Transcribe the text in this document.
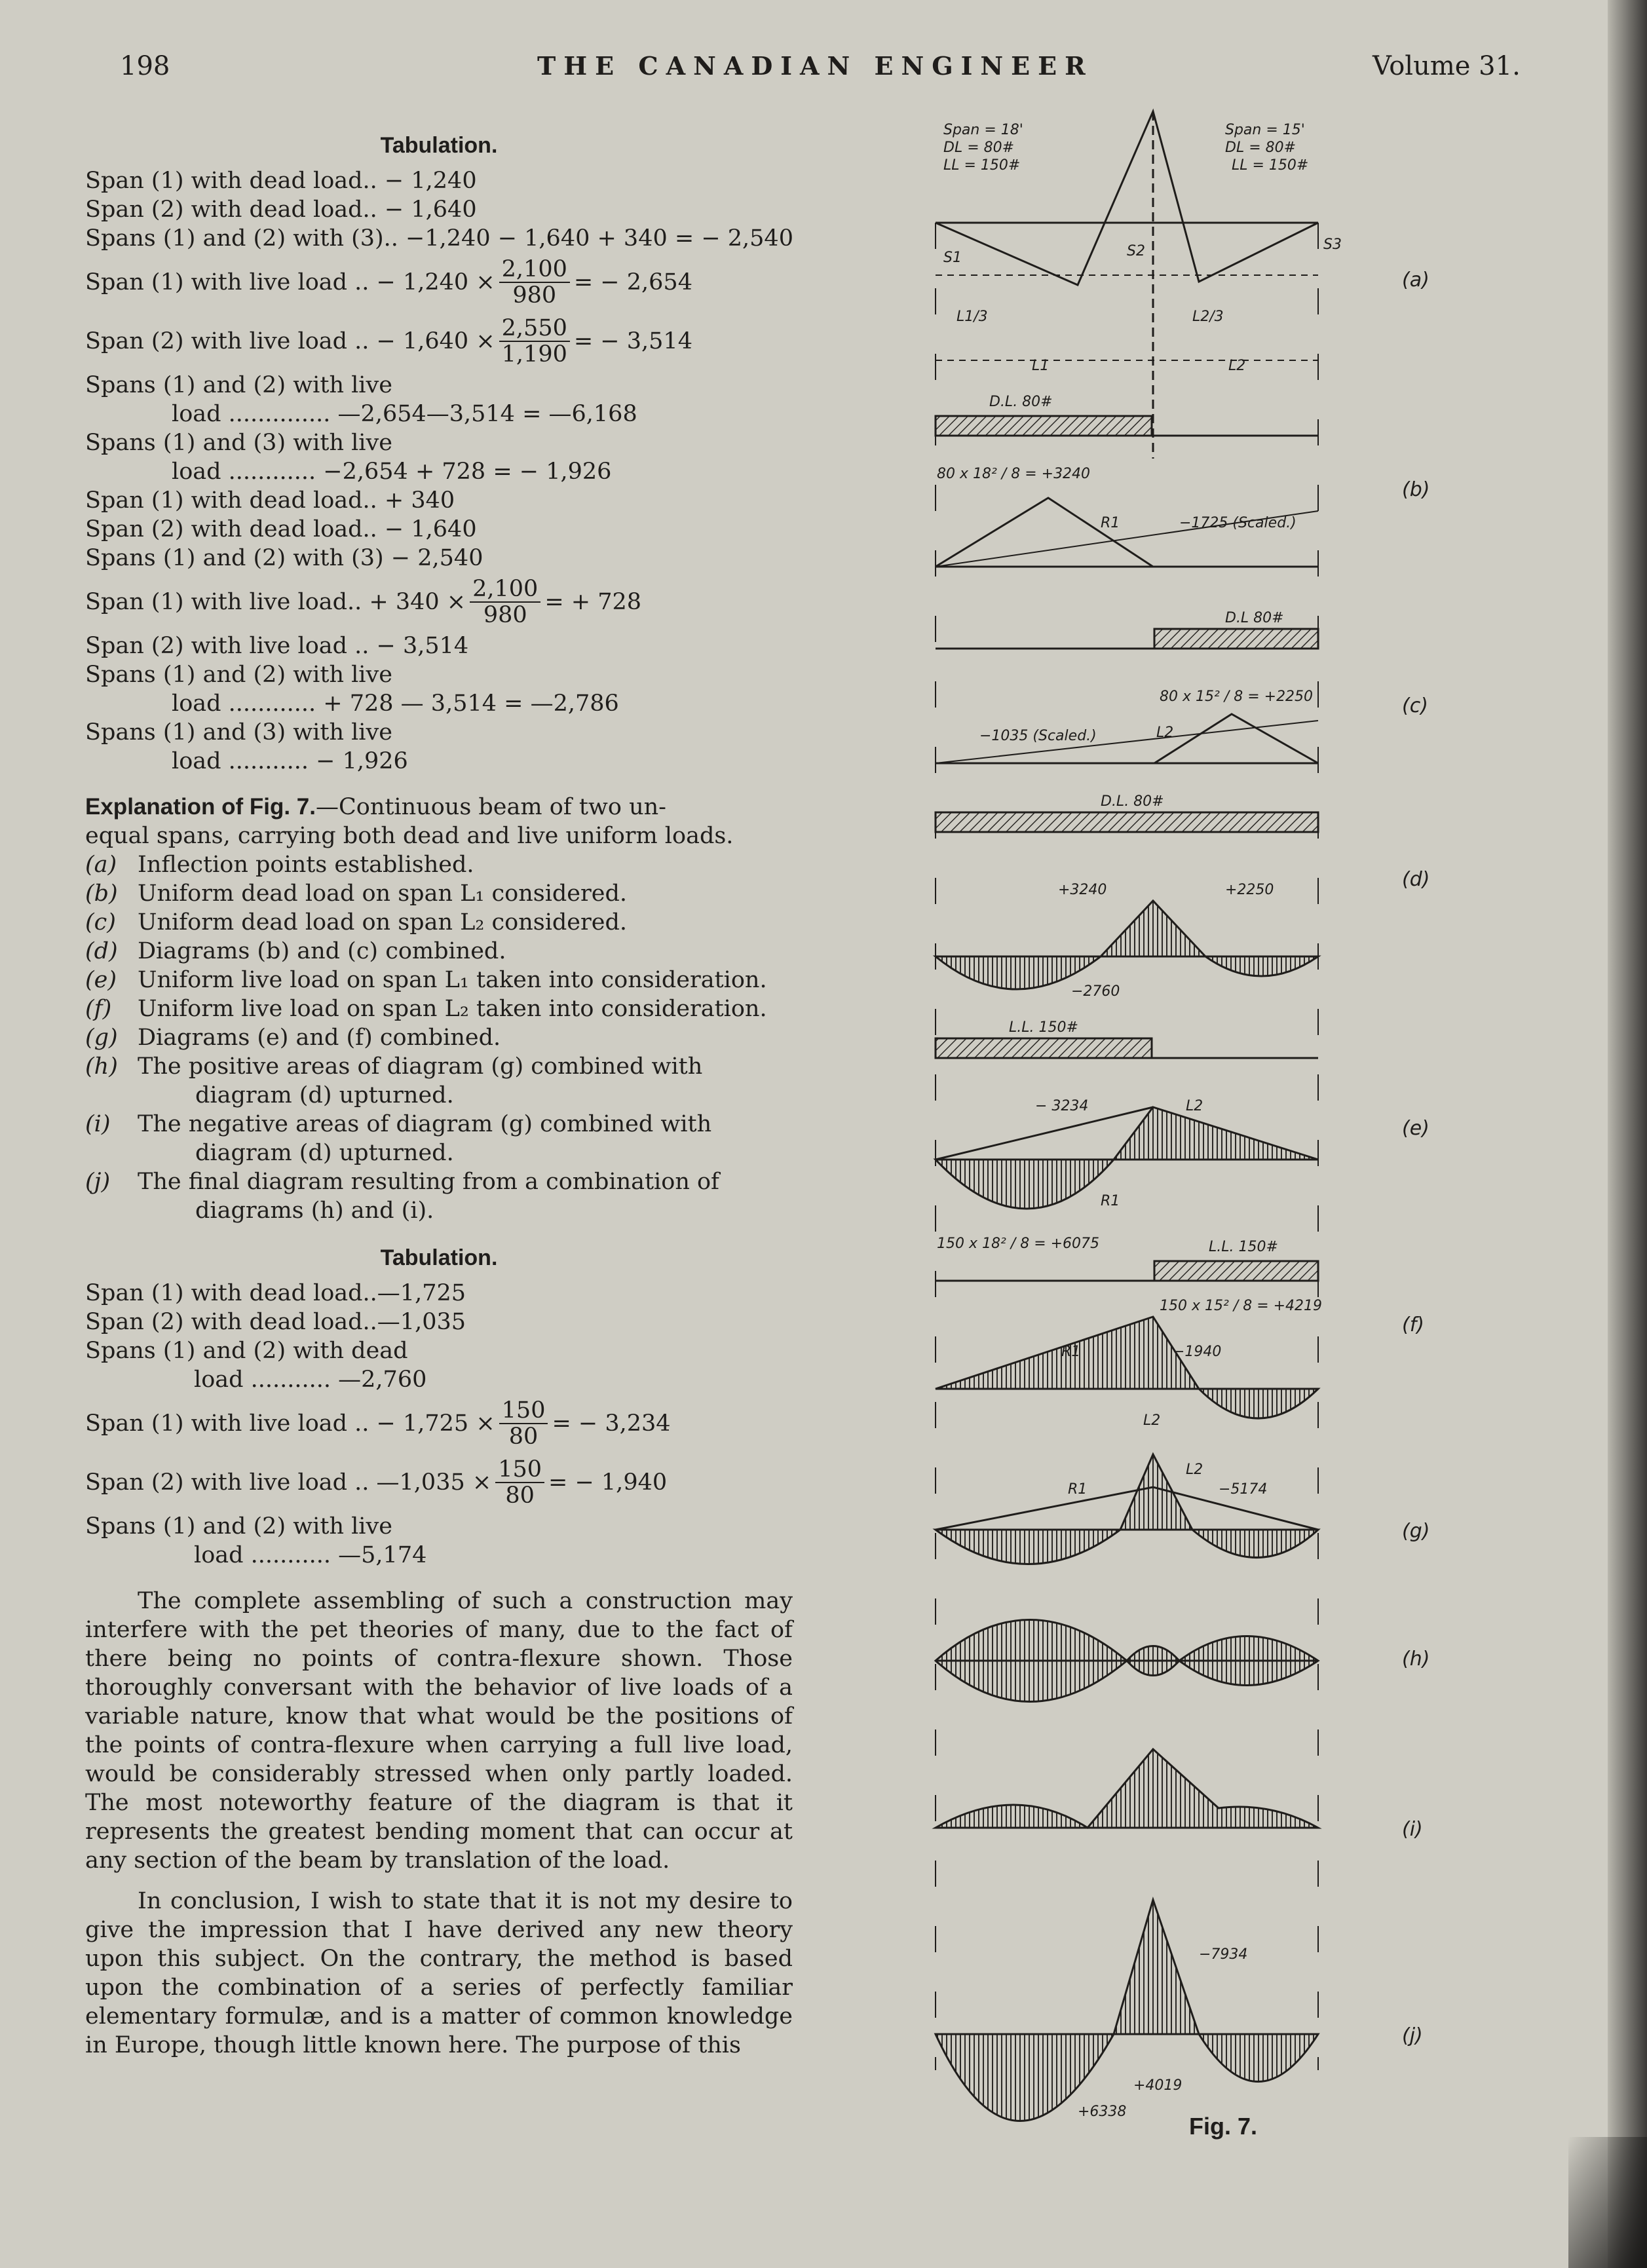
198	THE CANADIAN ENGINEER	Volume 31.
Tabulation.
Span (1) with dead load.. − 1,240
Span (2) with dead load.. − 1,640
Spans (1) and (2) with (3).. −1,240 − 1,640 + 340 = − 2,540
Span (1) with live load .. − $1,240 \times \frac{2,100}{980}$ = − 2,654
Span (2) with live load .. − $1,640 \times \frac{2,550}{1,190}$ = − 3,514
Spans (1) and (2) with live
load .............. —2,654—3,514 = —6,168
Spans (1) and (3) with live
load ............ −2,654 + 728 = − 1,926
Span (1) with dead load.. + 340
Span (2) with dead load.. − 1,640
Spans (1) and (2) with (3) − 2,540
Span (1) with live load.. + $340 \times \frac{2,100}{980}$ = + 728
Span (2) with live load .. − 3,514
Spans (1) and (2) with live
load ............ + 728 — 3,514 = —2,786
Spans (1) and (3) with live
load ........... − 1,926
Explanation of Fig. 7.—Continuous beam of two un-
equal spans, carrying both dead and live uniform loads.
(a) Inflection points established.
(b) Uniform dead load on span L₁ considered.
(c) Uniform dead load on span L₂ considered.
(d) Diagrams (b) and (c) combined.
(e) Uniform live load on span L₁ taken into consideration.
(f)	Uniform live load on span L₂ taken into consideration.
(g) Diagrams (e) and (f) combined.
(h) The positive areas of diagram (g) combined with
diagram (d) upturned.
(i)	The negative areas of diagram (g) combined with
diagram (d) upturned.
(j)	The final diagram resulting from a combination of
diagrams (h) and (i).
Tabulation.
Span (1) with dead load..—1,725
Span (2) with dead load..—1,035
Spans (1) and (2) with dead
load ........... —2,760
Span (1) with live load .. − $1,725 \times \frac{150}{80}$ = − 3,234
Span (2) with live load .. —1,035 × $\frac{150}{80}$ = − 1,940
Spans (1) and (2) with live
load ........... —5,174
The complete assembling of such a construction may interfere with the pet theories of many, due to the fact of there being no points of contra-flexure shown. Those thoroughly conversant with the behavior of live loads of a variable nature, know that what would be the positions of the points of contra-flexure when carrying a full live load, would be considerably stressed when only partly loaded. The most noteworthy feature of the diagram is that it represents the greatest bending moment that can occur at any section of the beam by translation of the load.
In conclusion, I wish to state that it is not my desire to give the impression that I have derived any new theory upon this subject. On the contrary, the method is based upon the combination of a series of perfectly familiar elementary formulæ, and is a matter of common knowledge in Europe, though little known here. The purpose of this
Span = 18'
DL = 80#
LL = 150#
Span = 15'
DL = 80#
LL = 150#
S1	S2	S3
L1	L2
L1/3	L2/3
D.L. 80#
80 x 18² / 8 = +3240
R1	−1725 (Scaled.)
D.L 80#
80 x 15² / 8 = +2250
−1035 (Scaled.)	L2
D.L. 80#
+3240	+2250
−2760
L.L. 150#
− 3234	L2
R1
150 x 18² / 8 = +6075	L.L. 150#
150 x 15² / 8 = +4219
R1	−1940
L2
R1
L2
−5174
−7934
+4019
+6338
(a)
(b)
(c)
(d)
(e)
(f)
(g)
(h)
(i)
(j)
Fig. 7.
